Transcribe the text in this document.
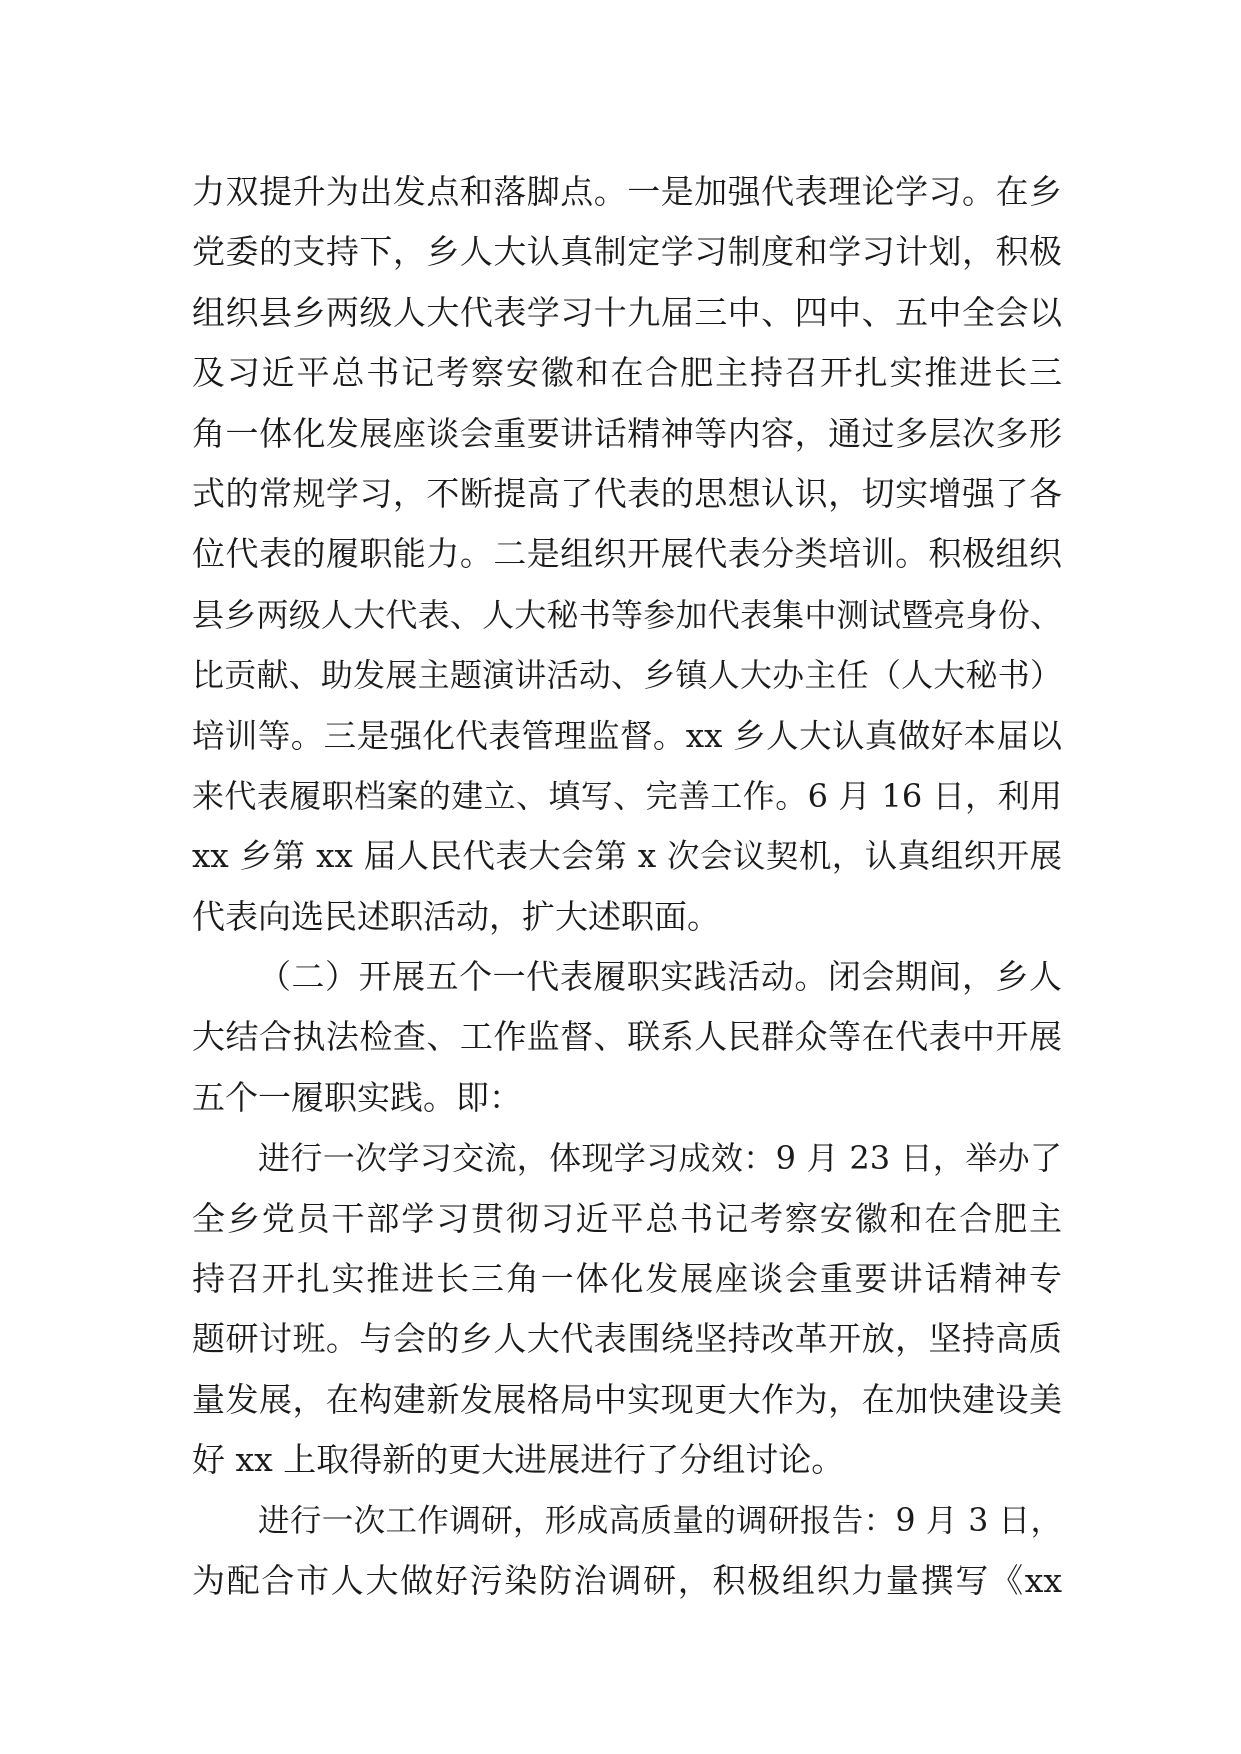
力双提升为出发点和落脚点。一是加强代表理论学习。在乡
党委的支持下，乡人大认真制定学习制度和学习计划，积极
组织县乡两级人大代表学习十九届三中、四中、五中全会以
及习近平总书记考察安徽和在合肥主持召开扎实推进长三
角一体化发展座谈会重要讲话精神等内容，通过多层次多形
式的常规学习，不断提高了代表的思想认识，切实增强了各
位代表的履职能力。二是组织开展代表分类培训。积极组织
县乡两级人大代表、人大秘书等参加代表集中测试暨亮身份、
比贡献、助发展主题演讲活动、乡镇人大办主任（人大秘书）
培训等。三是强化代表管理监督。xx 乡人大认真做好本届以
来代表履职档案的建立、填写、完善工作。6 月 16 日，利用
xx 乡第 xx 届人民代表大会第 x 次会议契机，认真组织开展
代表向选民述职活动，扩大述职面。
（二）开展五个一代表履职实践活动。闭会期间，乡人
大结合执法检查、工作监督、联系人民群众等在代表中开展
五个一履职实践。即：
进行一次学习交流，体现学习成效：9 月 23 日，举办了
全乡党员干部学习贯彻习近平总书记考察安徽和在合肥主
持召开扎实推进长三角一体化发展座谈会重要讲话精神专
题研讨班。与会的乡人大代表围绕坚持改革开放，坚持高质
量发展，在构建新发展格局中实现更大作为，在加快建设美
好 xx 上取得新的更大进展进行了分组讨论。
进行一次工作调研，形成高质量的调研报告：9 月 3 日，
为配合市人大做好污染防治调研，积极组织力量撰写《xx
